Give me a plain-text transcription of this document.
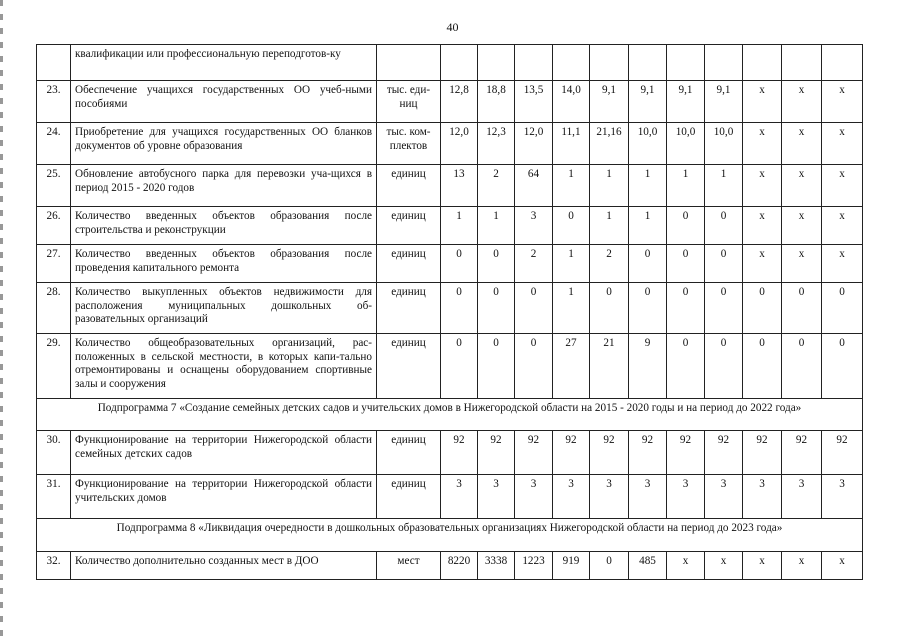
40
	квалификации или профессиональную переподготов-ку												
23.	Обеспечение учащихся государственных ОО учеб-ными пособиями	тыс. еди-ниц	12,8	18,8	13,5	14,0	9,1	9,1	9,1	9,1	х	х	х
24.	Приобретение для учащихся государственных ОО бланков документов об уровне образования	тыс. ком-плектов	12,0	12,3	12,0	11,1	21,16	10,0	10,0	10,0	х	х	х
25.	Обновление автобусного парка для перевозки уча-щихся в период 2015 - 2020 годов	единиц	13	2	64	1	1	1	1	1	х	х	х
26.	Количество введенных объектов образования после строительства и реконструкции	единиц	1	1	3	0	1	1	0	0	х	х	х
27.	Количество введенных объектов образования после проведения капитального ремонта	единиц	0	0	2	1	2	0	0	0	х	х	х
28.	Количество выкупленных объектов недвижимости для расположения муниципальных дошкольных об-разовательных организаций	единиц	0	0	0	1	0	0	0	0	0	0	0
29.	Количество общеобразовательных организаций, рас-положенных в сельской местности, в которых капи-тально отремонтированы и оснащены оборудованием спортивные залы и сооружения	единиц	0	0	0	27	21	9	0	0	0	0	0
Подпрограмма 7 «Создание семейных детских садов и учительских домов в Нижегородской области на 2015 - 2020 годы и на период до 2022 года»													
30.	Функционирование на территории Нижегородской области семейных детских садов	единиц	92	92	92	92	92	92	92	92	92	92	92
31.	Функционирование на территории Нижегородской области учительских домов	единиц	3	3	3	3	3	3	3	3	3	3	3
Подпрограмма 8 «Ликвидация очередности в дошкольных образовательных организациях Нижегородской области на период до 2023 года»													
32.	Количество дополнительно созданных мест в ДОО	мест	8220	3338	1223	919	0	485	х	х	х	х	х
